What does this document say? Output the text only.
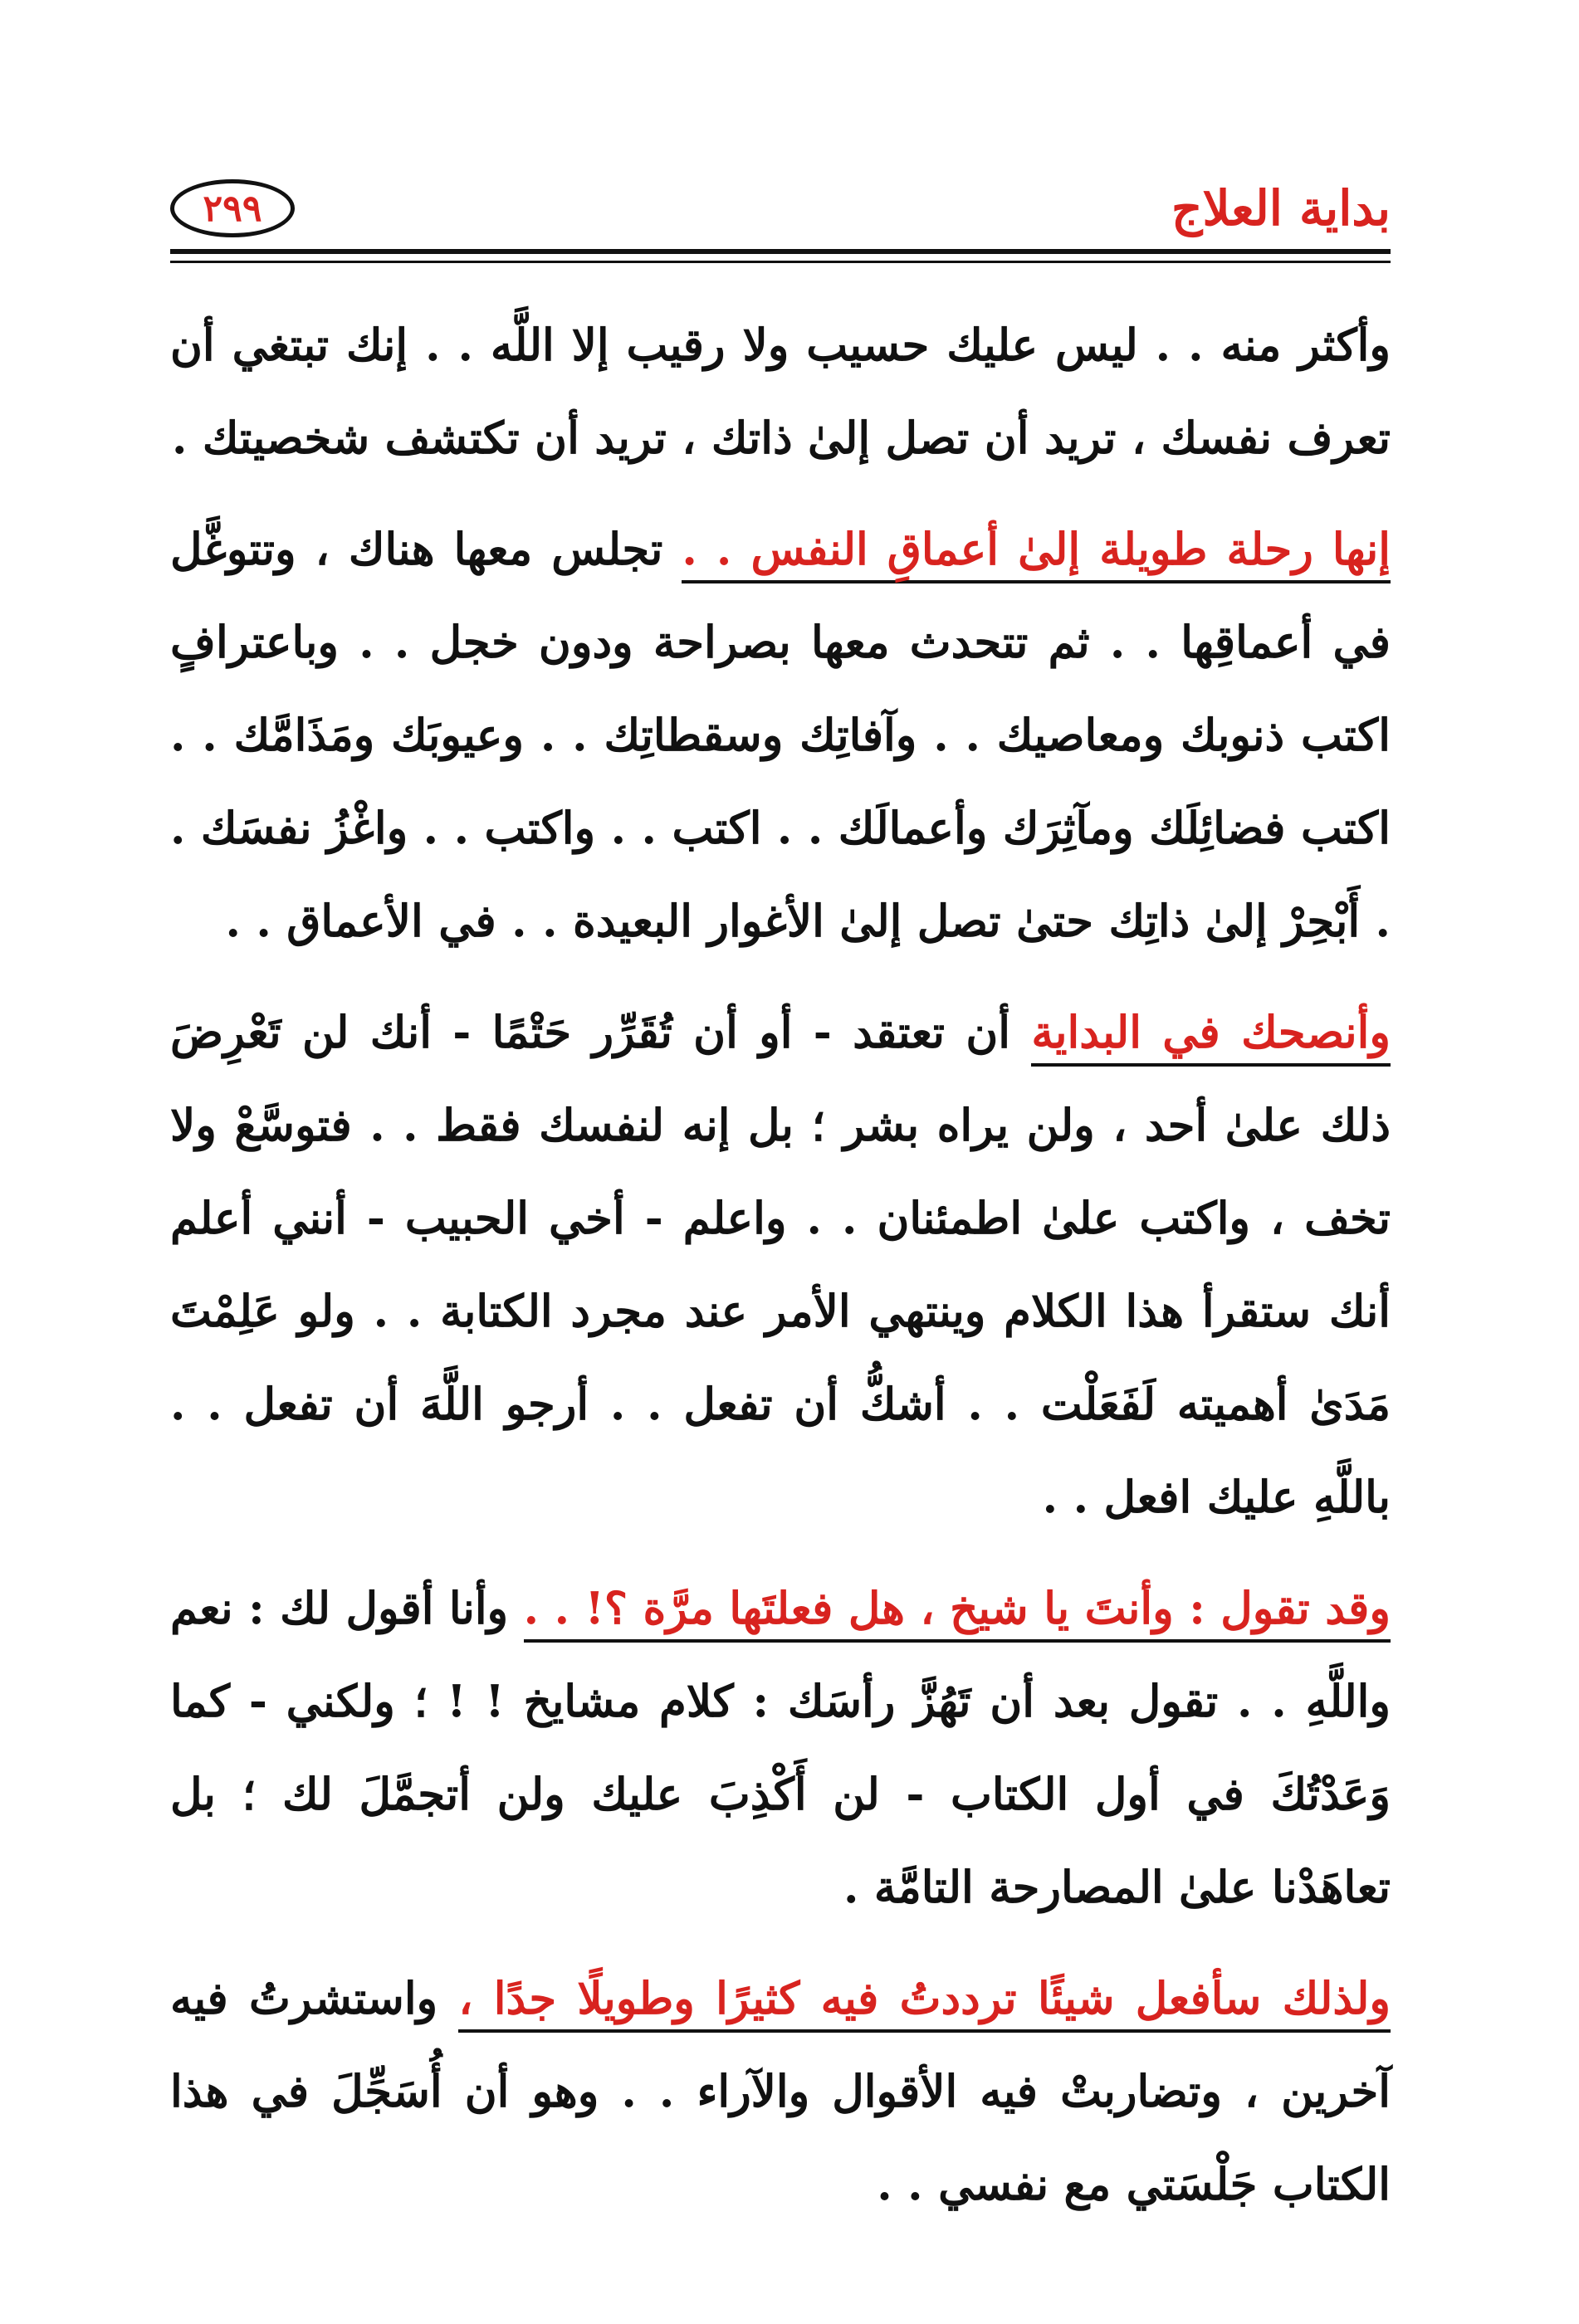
بداية العلاج
٢٩٩

وأكثر منه . . ليس عليك حسيب ولا رقيب إلا اللَّه . . إنك تبتغي أن تعرف نفسك ، تريد أن تصل إلىٰ ذاتك ، تريد أن تكتشف شخصيتك .

إنها رحلة طويلة إلىٰ أعماقِ النفس . . تجلس معها هناك ، وتتوغَّل في أعماقِها . . ثم تتحدث معها بصراحة ودون خجل . . وباعترافٍ اكتب ذنوبك ومعاصيك . . وآفاتِك وسقطاتِك . . وعيوبَك ومَذَامَّك . . اكتب فضائِلَك ومآثِرَك وأعمالَك . . اكتب . . واكتب . . واغْزُ نفسَك . . أَبْحِرْ إلىٰ ذاتِك حتىٰ تصل إلىٰ الأغوار البعيدة . . في الأعماق . .

وأنصحك في البداية أن تعتقد - أو أن تُقَرِّر حَتْمًا - أنك لن تَعْرِضَ ذلك علىٰ أحد ، ولن يراه بشر ؛ بل إنه لنفسك فقط . . فتوسَّعْ ولا تخف ، واكتب علىٰ اطمئنان . . واعلم - أخي الحبيب - أنني أعلم أنك ستقرأ هذا الكلام وينتهي الأمر عند مجرد الكتابة . . ولو عَلِمْتَ مَدَىٰ أهميته لَفَعَلْت . . أشكُّ أن تفعل . . أرجو اللَّهَ أن تفعل . . باللَّهِ عليك افعل . .

وقد تقول : وأنتَ يا شيخ ، هل فعلتَها مرَّة ؟! . . وأنا أقول لك : نعم واللَّهِ . . تقول بعد أن تَهُزَّ رأسَك : كلام مشايخ ! ! ؛ ولكني - كما وَعَدْتُكَ في أول الكتاب - لن أَكْذِبَ عليك ولن أتجمَّلَ لك ؛ بل تعاهَدْنا علىٰ المصارحة التامَّة .

ولذلك سأفعل شيئًا ترددتُ فيه كثيرًا وطويلًا جدًا ، واستشرتُ فيه آخرين ، وتضاربتْ فيه الأقوال والآراء . . وهو أن أُسَجِّلَ في هذا الكتاب جَلْسَتي مع نفسي . .
